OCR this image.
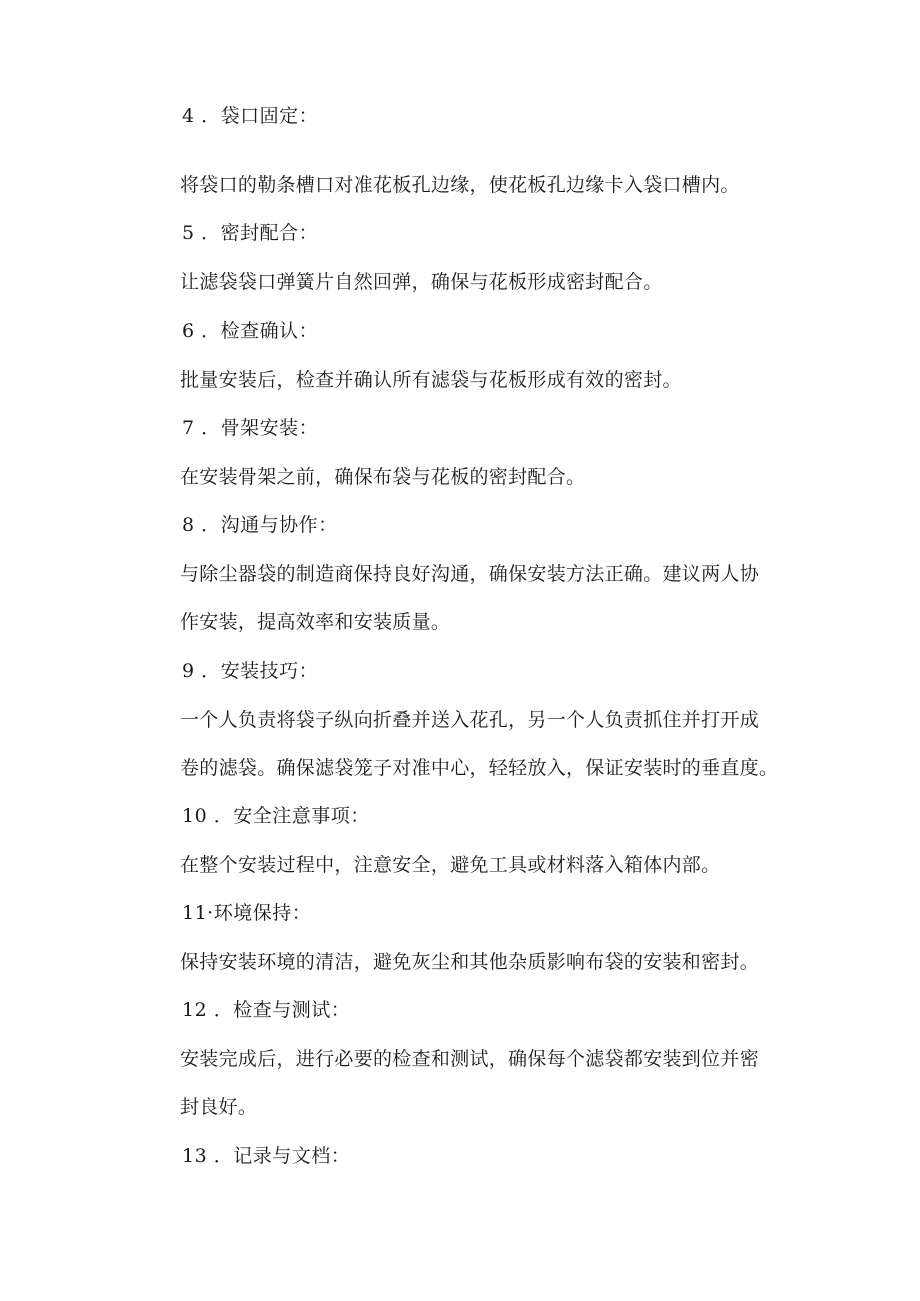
4 ．袋口固定：
将袋口的勒条槽口对准花板孔边缘，使花板孔边缘卡入袋口槽内。
5 ．密封配合：
让滤袋袋口弹簧片自然回弹，确保与花板形成密封配合。
6 ．检查确认：
批量安装后，检查并确认所有滤袋与花板形成有效的密封。
7 ．骨架安装：
在安装骨架之前，确保布袋与花板的密封配合。
8 ．沟通与协作：
与除尘器袋的制造商保持良好沟通，确保安装方法正确。建议两人协
作安装，提高效率和安装质量。
9 ．安装技巧：
一个人负责将袋子纵向折叠并送入花孔，另一个人负责抓住并打开成
卷的滤袋。确保滤袋笼子对准中心，轻轻放入，保证安装时的垂直度。
10 ．安全注意事项：
在整个安装过程中，注意安全，避免工具或材料落入箱体内部。
11·环境保持：
保持安装环境的清洁，避免灰尘和其他杂质影响布袋的安装和密封。
12 ．检查与测试：
安装完成后，进行必要的检查和测试，确保每个滤袋都安装到位并密
封良好。
13 ．记录与文档：
